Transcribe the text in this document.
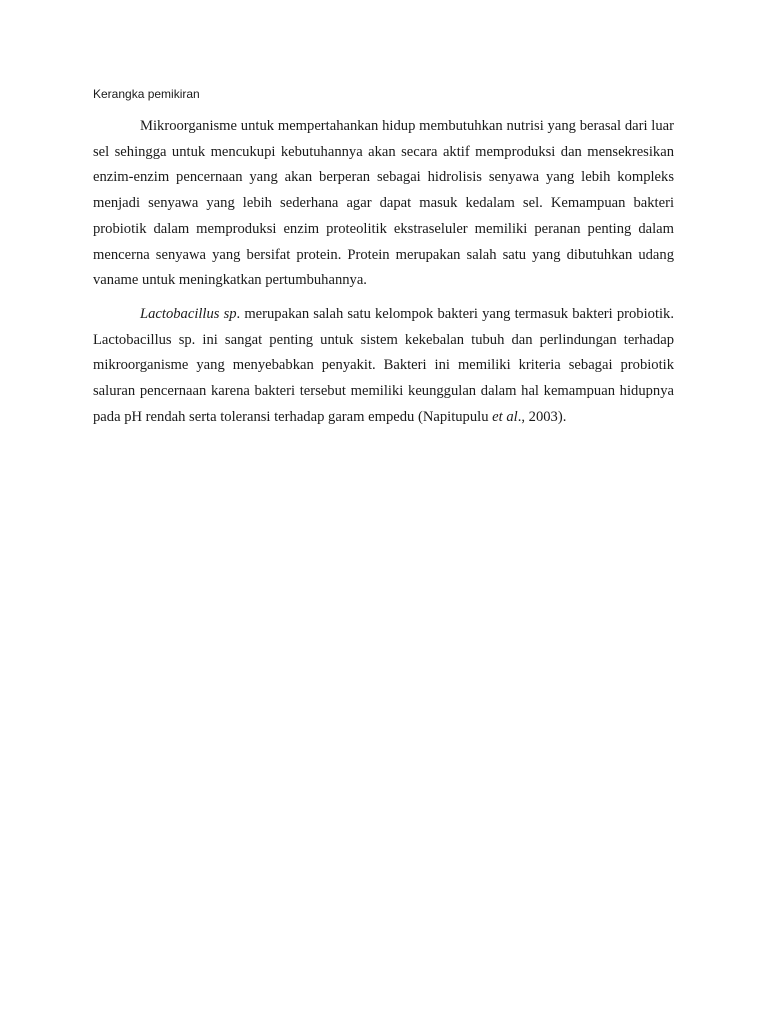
Kerangka pemikiran

Mikroorganisme untuk mempertahankan hidup membutuhkan nutrisi yang berasal dari luar sel sehingga untuk mencukupi kebutuhannya akan secara aktif memproduksi dan mensekresikan enzim-enzim pencernaan yang akan berperan sebagai hidrolisis senyawa yang lebih kompleks menjadi senyawa yang lebih sederhana agar dapat masuk kedalam sel. Kemampuan bakteri probiotik dalam memproduksi enzim proteolitik ekstraseluler memiliki peranan penting dalam mencerna senyawa yang bersifat protein. Protein merupakan salah satu yang dibutuhkan udang vaname untuk meningkatkan pertumbuhannya.

Lactobacillus sp. merupakan salah satu kelompok bakteri yang termasuk bakteri probiotik. Lactobacillus sp. ini sangat penting untuk sistem kekebalan tubuh dan perlindungan terhadap mikroorganisme yang menyebabkan penyakit. Bakteri ini memiliki kriteria sebagai probiotik saluran pencernaan karena bakteri tersebut memiliki keunggulan dalam hal kemampuan hidupnya pada pH rendah serta toleransi terhadap garam empedu (Napitupulu et al., 2003).
